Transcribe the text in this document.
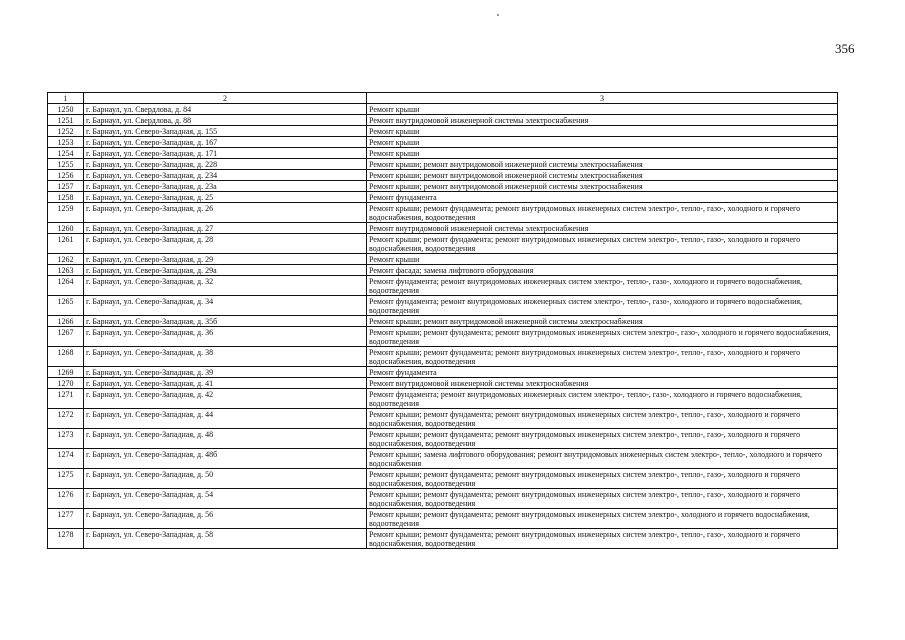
356
1	2	3
1250	г. Барнаул, ул. Свердлова, д. 84	Ремонт крыши
1251	г. Барнаул, ул. Свердлова, д. 88	Ремонт внутридомовой инженерной системы электроснабжения
1252	г. Барнаул, ул. Северо-Западная, д. 155	Ремонт крыши
1253	г. Барнаул, ул. Северо-Западная, д. 167	Ремонт крыши
1254	г. Барнаул, ул. Северо-Западная, д. 171	Ремонт крыши
1255	г. Барнаул, ул. Северо-Западная, д. 228	Ремонт крыши; ремонт внутридомовой инженерной системы электроснабжения
1256	г. Барнаул, ул. Северо-Западная, д. 234	Ремонт крыши; ремонт внутридомовой инженерной системы электроснабжения
1257	г. Барнаул, ул. Северо-Западная, д. 23а	Ремонт крыши; ремонт внутридомовой инженерной системы электроснабжения
1258	г. Барнаул, ул. Северо-Западная, д. 25	Ремонт фундамента
1259	г. Барнаул, ул. Северо-Западная, д. 26	Ремонт крыши; ремонт фундамента; ремонт внутридомовых инженерных систем электро-, тепло-, газо-, холодного и горячего водоснабжения, водоотведения
1260	г. Барнаул, ул. Северо-Западная, д. 27	Ремонт внутридомовой инженерной системы электроснабжения
1261	г. Барнаул, ул. Северо-Западная, д. 28	Ремонт крыши; ремонт фундамента; ремонт внутридомовых инженерных систем электро-, тепло-, газо-, холодного и горячего водоснабжения, водоотведения
1262	г. Барнаул, ул. Северо-Западная, д. 29	Ремонт крыши
1263	г. Барнаул, ул. Северо-Западная, д. 29а	Ремонт фасада; замена лифтового оборудования
1264	г. Барнаул, ул. Северо-Западная, д. 32	Ремонт фундамента; ремонт внутридомовых инженерных систем электро-, тепло-, газо-, холодного и горячего водоснабжения, водоотведения
1265	г. Барнаул, ул. Северо-Западная, д. 34	Ремонт фундамента; ремонт внутридомовых инженерных систем электро-, тепло-, газо-, холодного и горячего водоснабжения, водоотведения
1266	г. Барнаул, ул. Северо-Западная, д. 35б	Ремонт крыши; ремонт внутридомовой инженерной системы электроснабжения
1267	г. Барнаул, ул. Северо-Западная, д. 36	Ремонт крыши; ремонт фундамента; ремонт внутридомовых инженерных систем электро-, газо-, холодного и горячего водоснабжения, водоотведения
1268	г. Барнаул, ул. Северо-Западная, д. 38	Ремонт крыши; ремонт фундамента; ремонт внутридомовых инженерных систем электро-, тепло-, газо-, холодного и горячего водоснабжения, водоотведения
1269	г. Барнаул, ул. Северо-Западная, д. 39	Ремонт фундамента
1270	г. Барнаул, ул. Северо-Западная, д. 41	Ремонт внутридомовой инженерной системы электроснабжения
1271	г. Барнаул, ул. Северо-Западная, д. 42	Ремонт фундамента; ремонт внутридомовых инженерных систем электро-, тепло-, газо-, холодного и горячего водоснабжения, водоотведения
1272	г. Барнаул, ул. Северо-Западная, д. 44	Ремонт крыши; ремонт фундамента; ремонт внутридомовых инженерных систем электро-, тепло-, газо-, холодного и горячего водоснабжения, водоотведения
1273	г. Барнаул, ул. Северо-Западная, д. 48	Ремонт крыши; ремонт фундамента; ремонт внутридомовых инженерных систем электро-, тепло-, газо-, холодного и горячего водоснабжения, водоотведения
1274	г. Барнаул, ул. Северо-Западная, д. 48б	Ремонт крыши; замена лифтового оборудования; ремонт внутридомовых инженерных систем электро-, тепло-, холодного и горячего водоснабжения
1275	г. Барнаул, ул. Северо-Западная, д. 50	Ремонт крыши; ремонт фундамента; ремонт внутридомовых инженерных систем электро-, тепло-, газо-, холодного и горячего водоснабжения, водоотведения
1276	г. Барнаул, ул. Северо-Западная, д. 54	Ремонт крыши; ремонт фундамента; ремонт внутридомовых инженерных систем электро-, тепло-, газо-, холодного и горячего водоснабжения, водоотведения
1277	г. Барнаул, ул. Северо-Западная, д. 56	Ремонт крыши; ремонт фундамента; ремонт внутридомовых инженерных систем электро-, холодного и горячего водоснабжения, водоотведения
1278	г. Барнаул, ул. Северо-Западная, д. 58	Ремонт крыши; ремонт фундамента; ремонт внутридомовых инженерных систем электро-, тепло-, газо-, холодного и горячего водоснабжения, водоотведения
